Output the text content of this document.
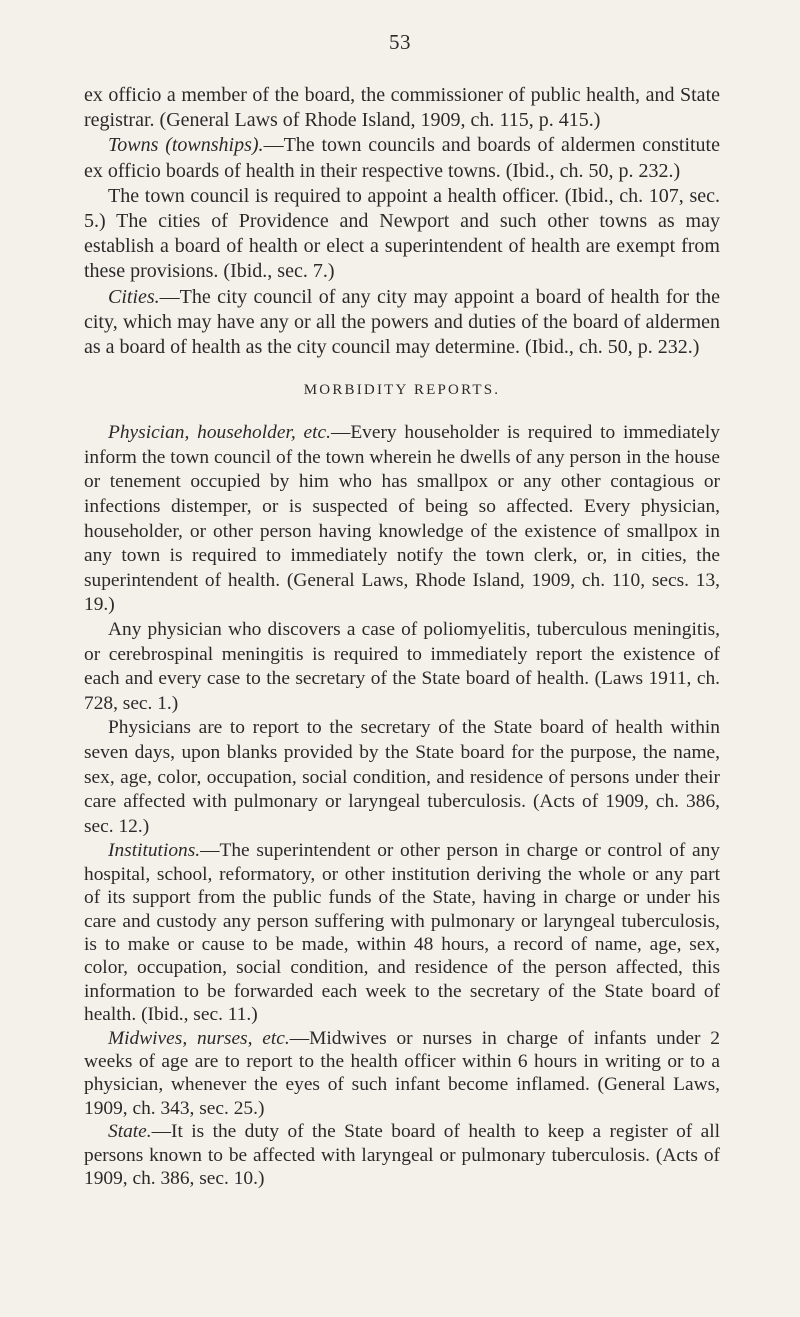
53

ex officio a member of the board, the commissioner of public health, and State registrar. (General Laws of Rhode Island, 1909, ch. 115, p. 415.)

Towns (townships).—The town councils and boards of aldermen constitute ex officio boards of health in their respective towns. (Ibid., ch. 50, p. 232.)

The town council is required to appoint a health officer. (Ibid., ch. 107, sec. 5.) The cities of Providence and Newport and such other towns as may establish a board of health or elect a superintendent of health are exempt from these provisions. (Ibid., sec. 7.)

Cities.—The city council of any city may appoint a board of health for the city, which may have any or all the powers and duties of the board of aldermen as a board of health as the city council may determine. (Ibid., ch. 50, p. 232.)

MORBIDITY REPORTS.

Physician, householder, etc.—Every householder is required to immediately inform the town council of the town wherein he dwells of any person in the house or tenement occupied by him who has smallpox or any other contagious or infections distemper, or is suspected of being so affected. Every physician, householder, or other person having knowledge of the existence of smallpox in any town is required to immediately notify the town clerk, or, in cities, the superintendent of health. (General Laws, Rhode Island, 1909, ch. 110, secs. 13, 19.)

Any physician who discovers a case of poliomyelitis, tuberculous meningitis, or cerebrospinal meningitis is required to immediately report the existence of each and every case to the secretary of the State board of health. (Laws 1911, ch. 728, sec. 1.)

Physicians are to report to the secretary of the State board of health within seven days, upon blanks provided by the State board for the purpose, the name, sex, age, color, occupation, social condition, and residence of persons under their care affected with pulmonary or laryngeal tuberculosis. (Acts of 1909, ch. 386, sec. 12.)

Institutions.—The superintendent or other person in charge or control of any hospital, school, reformatory, or other institution deriving the whole or any part of its support from the public funds of the State, having in charge or under his care and custody any person suffering with pulmonary or laryngeal tuberculosis, is to make or cause to be made, within 48 hours, a record of name, age, sex, color, occupation, social condition, and residence of the person affected, this information to be forwarded each week to the secretary of the State board of health. (Ibid., sec. 11.)

Midwives, nurses, etc.—Midwives or nurses in charge of infants under 2 weeks of age are to report to the health officer within 6 hours in writing or to a physician, whenever the eyes of such infant become inflamed. (General Laws, 1909, ch. 343, sec. 25.)

State.—It is the duty of the State board of health to keep a register of all persons known to be affected with laryngeal or pulmonary tuberculosis. (Acts of 1909, ch. 386, sec. 10.)
